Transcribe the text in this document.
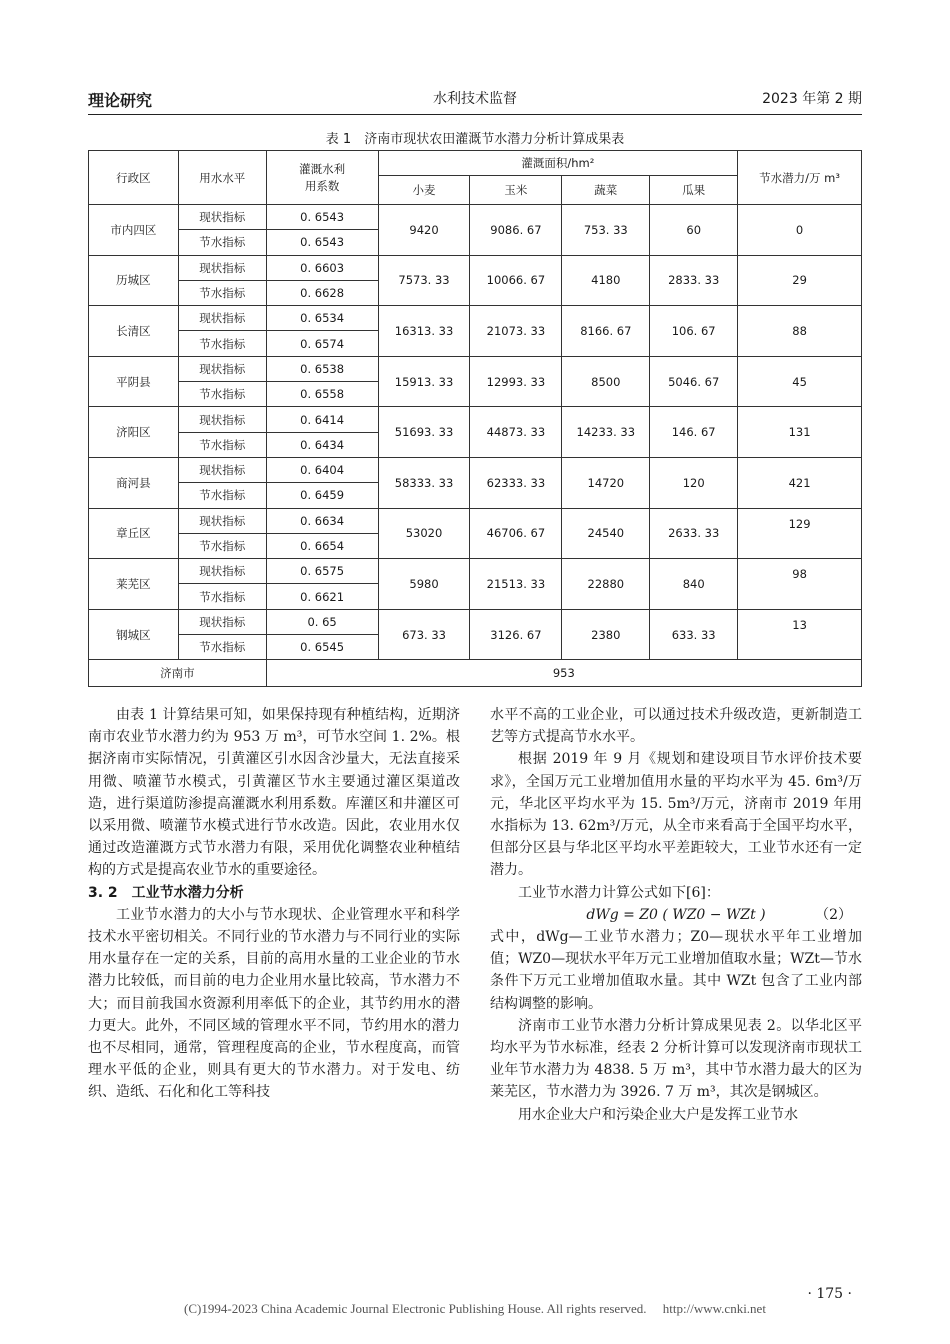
理论研究	水利技术监督	2023 年第 2 期
表 1　济南市现状农田灌溉节水潜力分析计算成果表
行政区	用水水平	灌溉水利用系数	灌溉面积/hm²				节水潜力/万 m³
			小麦	玉米	蔬菜	瓜果	
市内四区	现状指标	0. 6543	9420	9086. 67	753. 33	60	0
	节水指标	0. 6543					
历城区	现状指标	0. 6603	7573. 33	10066. 67	4180	2833. 33	29
	节水指标	0. 6628					
长清区	现状指标	0. 6534	16313. 33	21073. 33	8166. 67	106. 67	88
	节水指标	0. 6574					
平阴县	现状指标	0. 6538	15913. 33	12993. 33	8500	5046. 67	45
	节水指标	0. 6558					
济阳区	现状指标	0. 6414	51693. 33	44873. 33	14233. 33	146. 67	131
	节水指标	0. 6434					
商河县	现状指标	0. 6404	58333. 33	62333. 33	14720	120	421
	节水指标	0. 6459					
章丘区	现状指标	0. 6634	53020	46706. 67	24540	2633. 33	129
	节水指标	0. 6654					
莱芜区	现状指标	0. 6575	5980	21513. 33	22880	840	98
	节水指标	0. 6621					
钢城区	现状指标	0. 65	673. 33	3126. 67	2380	633. 33	13
	节水指标	0. 6545					
济南市		953					

由表 1 计算结果可知，如果保持现有种植结构，近期济南市农业节水潜力约为 953 万 m³，可节水空间 1. 2%。根据济南市实际情况，引黄灌区引水因含沙量大，无法直接采用微、喷灌节水模式，引黄灌区节水主要通过灌区渠道改造，进行渠道防渗提高灌溉水利用系数。库灌区和井灌区可以采用微、喷灌节水模式进行节水改造。因此，农业用水仅通过改造灌溉方式节水潜力有限，采用优化调整农业种植结构的方式是提高农业节水的重要途径。

3. 2　工业节水潜力分析

工业节水潜力的大小与节水现状、企业管理水平和科学技术水平密切相关。不同行业的节水潜力与不同行业的实际用水量存在一定的关系，目前的高用水量的工业企业的节水潜力比较低，而目前的电力企业用水量比较高，节水潜力不大；而目前我国水资源利用率低下的企业，其节约用水的潜力更大。此外，不同区域的管理水平不同，节约用水的潜力也不尽相同，通常，管理程度高的企业，节水程度高，而管理水平低的企业，则具有更大的节水潜力。对于发电、纺织、造纸、石化和化工等科技

水平不高的工业企业，可以通过技术升级改造，更新制造工艺等方式提高节水水平。

根据 2019 年 9 月《规划和建设项目节水评价技术要求》，全国万元工业增加值用水量的平均水平为 45. 6m³/万元，华北区平均水平为 15. 5m³/万元，济南市 2019 年用水指标为 13. 62m³/万元，从全市来看高于全国平均水平，但部分区县与华北区平均水平差距较大，工业节水还有一定潜力。

工业节水潜力计算公式如下[6]：

dWg = Z0 ( WZ0 − WZt )	（2）

式中，dWg—工业节水潜力；Z0—现状水平年工业增加值；WZ0—现状水平年万元工业增加值取水量；WZt—节水条件下万元工业增加值取水量。其中 WZt 包含了工业内部结构调整的影响。

济南市工业节水潜力分析计算成果见表 2。以华北区平均水平为节水标准，经表 2 分析计算可以发现济南市现状工业年节水潜力为 4838. 5 万 m³，其中节水潜力最大的区为莱芜区，节水潜力为 3926. 7 万 m³，其次是钢城区。

用水企业大户和污染企业大户是发挥工业节水

· 175 ·
(C)1994-2023 China Academic Journal Electronic Publishing House. All rights reserved.　 http://www.cnki.net
